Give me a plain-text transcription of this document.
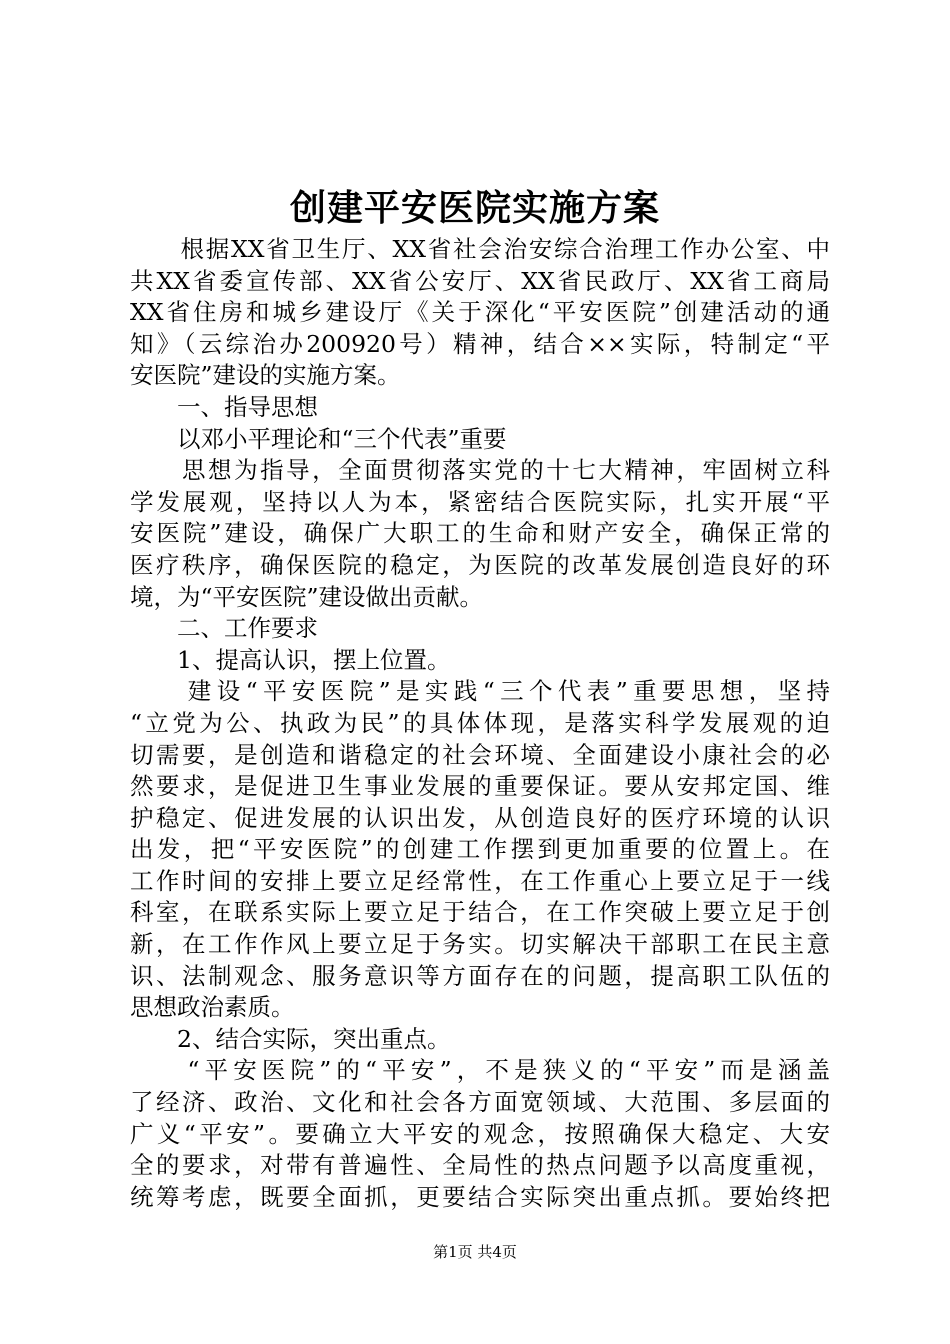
创建平安医院实施方案
　　根据XX省卫生厅、XX省社会治安综合治理工作办公室、中
共XX省委宣传部、XX省公安厅、XX省民政厅、XX省工商局
XX省住房和城乡建设厅《关于深化“平安医院”创建活动的通
知》（云综治办200920号）精神，结合××实际，特制定“平
安医院”建设的实施方案。
　　一、指导思想
　　以邓小平理论和“三个代表”重要
　　思想为指导，全面贯彻落实党的十七大精神，牢固树立科
学发展观，坚持以人为本，紧密结合医院实际，扎实开展“平
安医院”建设，确保广大职工的生命和财产安全，确保正常的
医疗秩序，确保医院的稳定，为医院的改革发展创造良好的环
境，为“平安医院”建设做出贡献。
　　二、工作要求
　　1、提高认识，摆上位置。
　　建设“平安医院”是实践“三个代表”重要思想，坚持
“立党为公、执政为民”的具体体现，是落实科学发展观的迫
切需要，是创造和谐稳定的社会环境、全面建设小康社会的必
然要求，是促进卫生事业发展的重要保证。要从安邦定国、维
护稳定、促进发展的认识出发，从创造良好的医疗环境的认识
出发，把“平安医院”的创建工作摆到更加重要的位置上。在
工作时间的安排上要立足经常性，在工作重心上要立足于一线
科室，在联系实际上要立足于结合，在工作突破上要立足于创
新，在工作作风上要立足于务实。切实解决干部职工在民主意
识、法制观念、服务意识等方面存在的问题，提高职工队伍的
思想政治素质。
　　2、结合实际，突出重点。
　　“平安医院”的“平安”，不是狭义的“平安”而是涵盖
了经济、政治、文化和社会各方面宽领域、大范围、多层面的
广义“平安”。要确立大平安的观念，按照确保大稳定、大安
全的要求，对带有普遍性、全局性的热点问题予以高度重视，
统筹考虑，既要全面抓，更要结合实际突出重点抓。要始终把
第1页 共4页
